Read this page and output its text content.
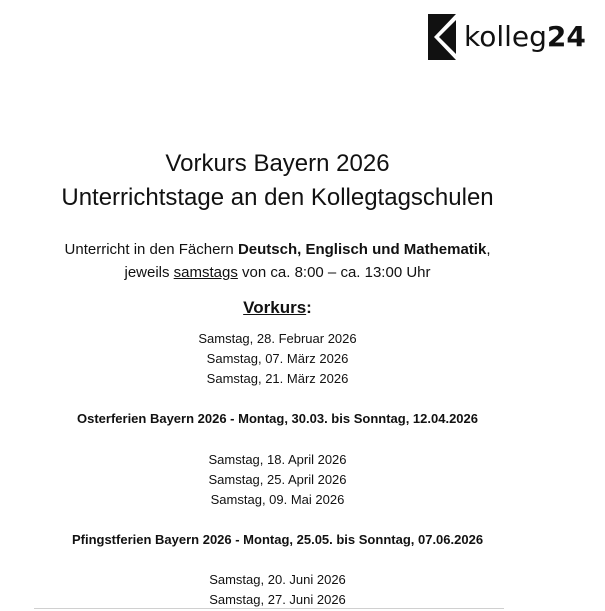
kolleg24
Vorkurs Bayern 2026
Unterrichtstage an den Kollegtagschulen
Unterricht in den Fächern Deutsch, Englisch und Mathematik,
jeweils samstags von ca. 8:00 – ca. 13:00 Uhr
Vorkurs:
Samstag, 28. Februar 2026
Samstag, 07. März 2026
Samstag, 21. März 2026
Osterferien Bayern 2026 - Montag, 30.03. bis Sonntag, 12.04.2026
Samstag, 18. April 2026
Samstag, 25. April 2026
Samstag, 09. Mai 2026
Pfingstferien Bayern 2026 - Montag, 25.05. bis Sonntag, 07.06.2026
Samstag, 20. Juni 2026
Samstag, 27. Juni 2026
